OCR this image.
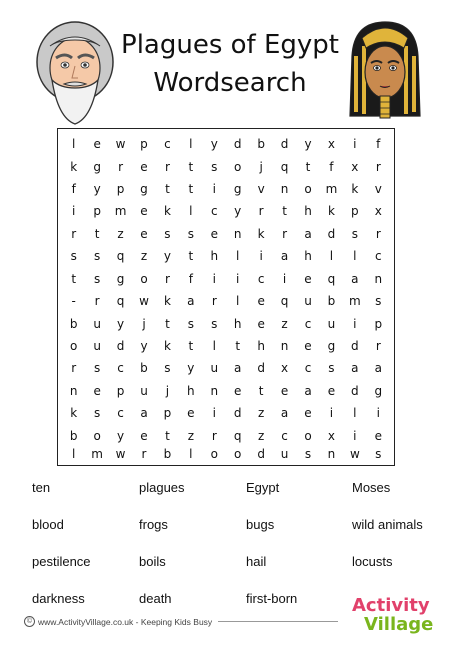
Plagues of Egypt
Wordsearch
l	e	w	p	c	l	y	d	b	d	y	x	i	f
k	g	r	e	r	t	s	o	j	q	t	f	x	r
f	y	p	g	t	t	i	g	v	n	o	m	k	v
i	p	m	e	k	l	c	y	r	t	h	k	p	x
r	t	z	e	s	s	e	n	k	r	a	d	s	r
s	s	q	z	y	t	h	l	i	a	h	l	l	c
t	s	g	o	r	f	i	i	c	i	e	q	a	n
-	r	q	w	k	a	r	l	e	q	u	b	m	s
b	u	y	j	t	s	s	h	e	z	c	u	i	p
o	u	d	y	k	t	l	t	h	n	e	g	d	r
r	s	c	b	s	y	u	a	d	x	c	s	a	a
n	e	p	u	j	h	n	e	t	e	a	e	d	g
k	s	c	a	p	e	i	d	z	a	e	i	l	i
b	o	y	e	t	z	r	q	z	c	o	x	i	e
l	m	w	r	b	l	o	o	d	u	s	n	w	s
ten	plagues	Egypt	Moses
blood	frogs	bugs	wild animals
pestilence	boils	hail	locusts
darkness	death	first-born
© www.ActivityVillage.co.uk - Keeping Kids Busy
Activity
Village
